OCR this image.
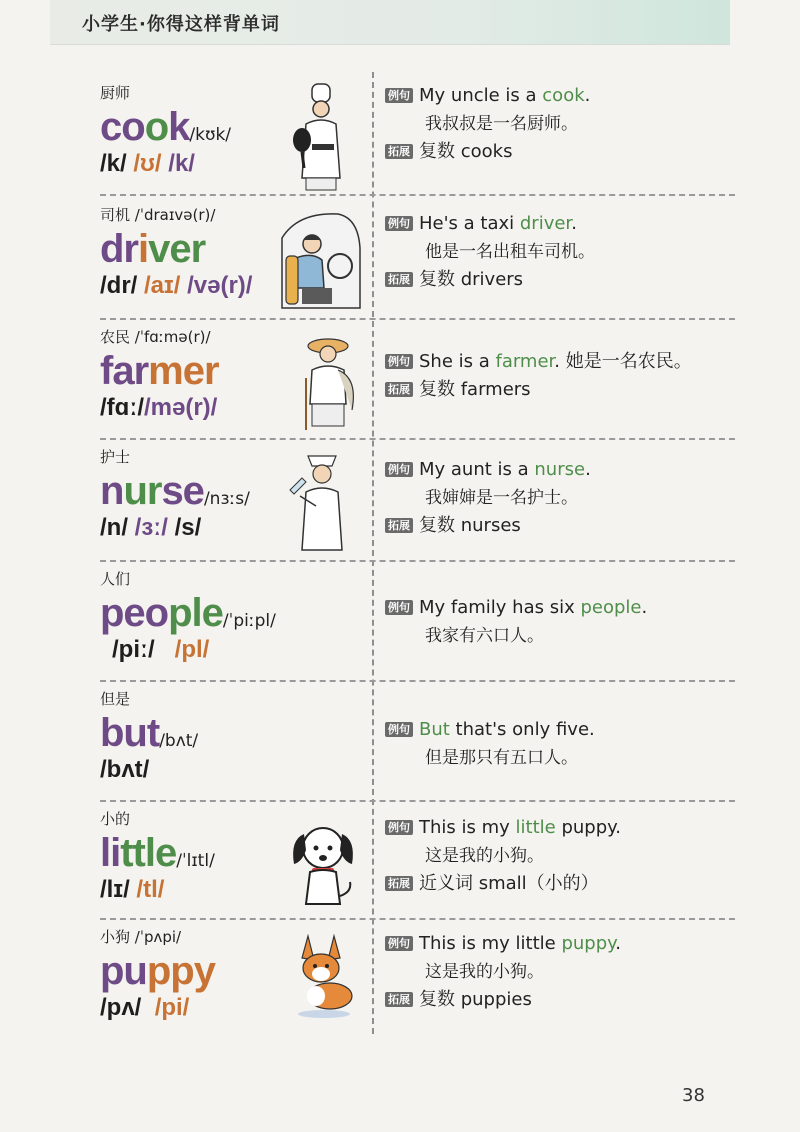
小学生·你得这样背单词
厨师
cook/kʊk/
/k/ /ʊ/ /k/
例句 My uncle is a cook.
我叔叔是一名厨师。
拓展 复数 cooks
司机 /ˈdraɪvə(r)/
driver
/dr/ /aɪ/ /və(r)/
例句 He's a taxi driver.
他是一名出租车司机。
拓展 复数 drivers
农民 /ˈfɑːmə(r)/
farmer
/fɑː//mə(r)/
例句 She is a farmer. 她是一名农民。
拓展 复数 farmers
护士
nurse/nɜːs/
/n/ /ɜː/ /s/
例句 My aunt is a nurse.
我婶婶是一名护士。
拓展 复数 nurses
人们
people/ˈpiːpl/
/piː/ /pl/
例句 My family has six people.
我家有六口人。
但是
but/bʌt/
/bʌt/
例句 But that's only five.
但是那只有五口人。
小的
little/ˈlɪtl/
/lɪ/ /tl/
例句 This is my little puppy.
这是我的小狗。
拓展 近义词 small（小的）
小狗 /ˈpʌpi/
puppy
/pʌ/ /pi/
例句 This is my little puppy.
这是我的小狗。
拓展 复数 puppies
38
